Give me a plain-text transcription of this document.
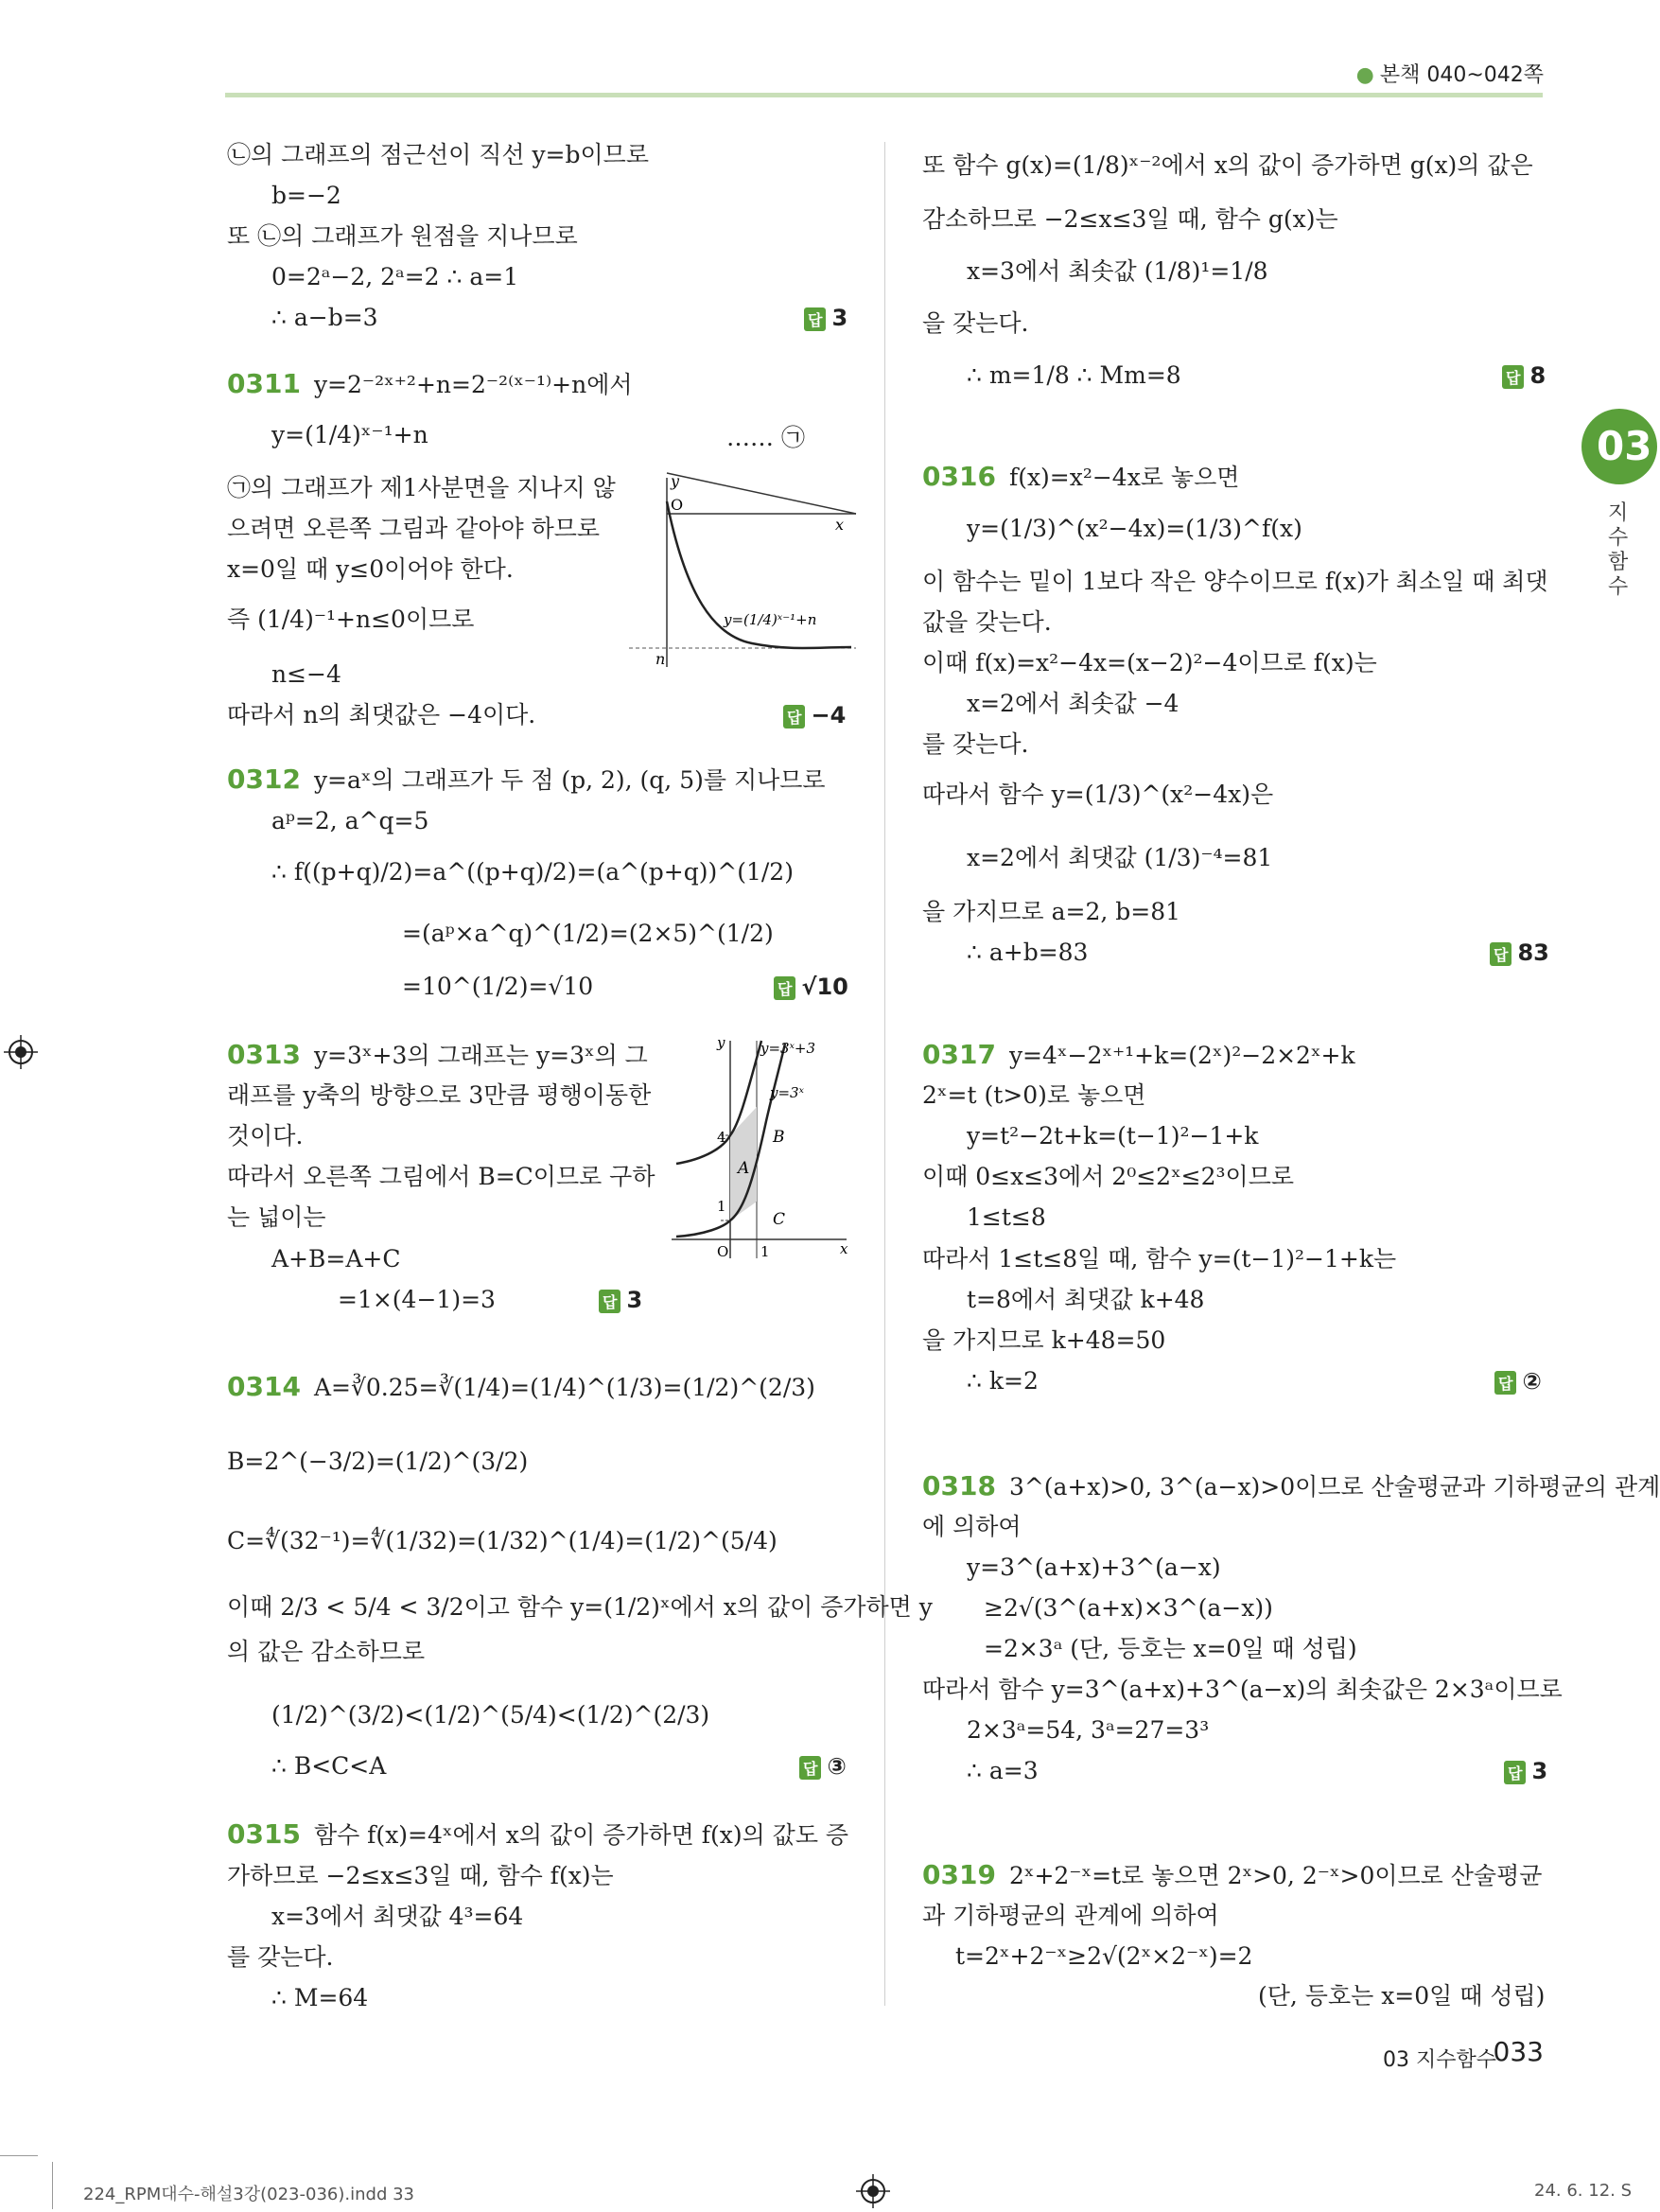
● 본책 040~042쪽
03
지수함수
㉡의 그래프의 점근선이 직선 y=b이므로
b=−2
또 ㉡의 그래프가 원점을 지나므로
0=2ᵃ−2, 2ᵃ=2 ∴ a=1
∴ a−b=3	답 3
0311 y=2⁻²ˣ⁺²+n=2⁻²⁽ˣ⁻¹⁾+n에서
y=(1/4)ˣ⁻¹+n	…… ㉠
㉠의 그래프가 제1사분면을 지나지 않
으려면 오른쪽 그림과 같아야 하므로
x=0일 때 y≤0이어야 한다.
즉 (1/4)⁻¹+n≤0이므로
n≤−4
따라서 n의 최댓값은 −4이다.	답 −4
y
O
x
n
y=(1/4)ˣ⁻¹+n
0312 y=aˣ의 그래프가 두 점 (p, 2), (q, 5)를 지나므로
aᵖ=2, a^q=5
∴ f((p+q)/2)=a^((p+q)/2)=(a^(p+q))^(1/2)
=(aᵖ×a^q)^(1/2)=(2×5)^(1/2)
=10^(1/2)=√10	답 √10
0313 y=3ˣ+3의 그래프는 y=3ˣ의 그
래프를 y축의 방향으로 3만큼 평행이동한
것이다.
따라서 오른쪽 그림에서 B=C이므로 구하
는 넓이는
A+B=A+C
=1×(4−1)=3	답 3
y
x
O 1
4
1
y=3ˣ+3
y=3ˣ
A
B
C
0314 A=∛0.25=∛(1/4)=(1/4)^(1/3)=(1/2)^(2/3)
B=2^(−3/2)=(1/2)^(3/2)
C=∜(32⁻¹)=∜(1/32)=(1/32)^(1/4)=(1/2)^(5/4)
이때 2/3 < 5/4 < 3/2이고 함수 y=(1/2)ˣ에서 x의 값이 증가하면 y
의 값은 감소하므로
(1/2)^(3/2)<(1/2)^(5/4)<(1/2)^(2/3)
∴ B<C<A	답 ③
0315 함수 f(x)=4ˣ에서 x의 값이 증가하면 f(x)의 값도 증
가하므로 −2≤x≤3일 때, 함수 f(x)는
x=3에서 최댓값 4³=64
를 갖는다.
∴ M=64
또 함수 g(x)=(1/8)ˣ⁻²에서 x의 값이 증가하면 g(x)의 값은
감소하므로 −2≤x≤3일 때, 함수 g(x)는
x=3에서 최솟값 (1/8)¹=1/8
을 갖는다.
∴ m=1/8 ∴ Mm=8	답 8
0316 f(x)=x²−4x로 놓으면
y=(1/3)^(x²−4x)=(1/3)^f(x)
이 함수는 밑이 1보다 작은 양수이므로 f(x)가 최소일 때 최댓
값을 갖는다.
이때 f(x)=x²−4x=(x−2)²−4이므로 f(x)는
x=2에서 최솟값 −4
를 갖는다.
따라서 함수 y=(1/3)^(x²−4x)은
x=2에서 최댓값 (1/3)⁻⁴=81
을 가지므로 a=2, b=81
∴ a+b=83	답 83
0317 y=4ˣ−2ˣ⁺¹+k=(2ˣ)²−2×2ˣ+k
2ˣ=t (t>0)로 놓으면
y=t²−2t+k=(t−1)²−1+k
이때 0≤x≤3에서 2⁰≤2ˣ≤2³이므로
1≤t≤8
따라서 1≤t≤8일 때, 함수 y=(t−1)²−1+k는
t=8에서 최댓값 k+48
을 가지므로 k+48=50
∴ k=2	답 ②
0318 3^(a+x)>0, 3^(a−x)>0이므로 산술평균과 기하평균의 관계
에 의하여
y=3^(a+x)+3^(a−x)
≥2√(3^(a+x)×3^(a−x))
=2×3ᵃ (단, 등호는 x=0일 때 성립)
따라서 함수 y=3^(a+x)+3^(a−x)의 최솟값은 2×3ᵃ이므로
2×3ᵃ=54, 3ᵃ=27=3³
∴ a=3	답 3
0319 2ˣ+2⁻ˣ=t로 놓으면 2ˣ>0, 2⁻ˣ>0이므로 산술평균
과 기하평균의 관계에 의하여
t=2ˣ+2⁻ˣ≥2√(2ˣ×2⁻ˣ)=2
(단, 등호는 x=0일 때 성립)
03 지수함수
033
224_RPM대수-해설3강(023-036).indd 33	24. 6. 12. S
